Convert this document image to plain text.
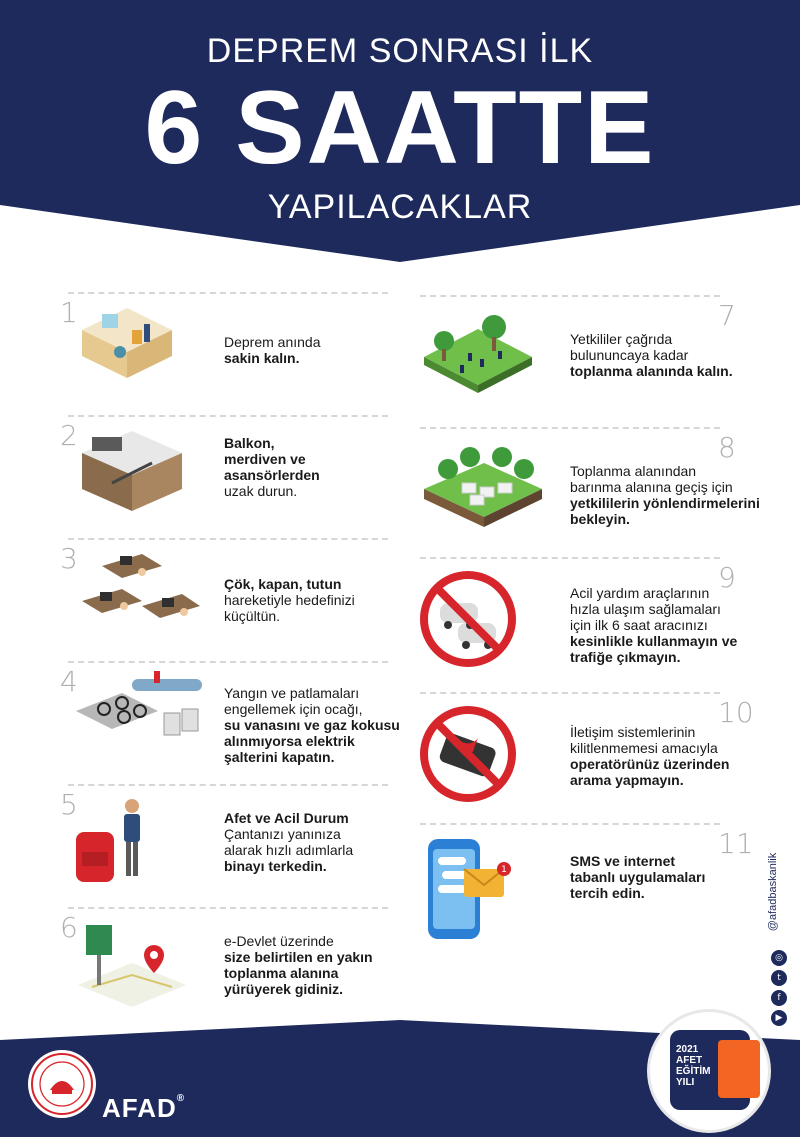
DEPREM SONRASI İLK
6 SAATTE
YAPILACAKLAR
1
Deprem anında
sakin kalın.
2	Balkon,
merdiven ve
asansörlerden
uzak durun.
3
Çök, kapan, tutun
hareketiyle hedefinizi
küçültün.
4	Yangın ve patlamaları
engellemek için ocağı,
su vanasını ve gaz kokusu
alınmıyorsa elektrik
şalterini kapatın.
5	Afet ve Acil Durum
Çantanızı yanınıza
alarak hızlı adımlarla
binayı terkedin.
6	e-Devlet üzerinde
size belirtilen en yakın
toplanma alanına
yürüyerek gidiniz.
7
Yetkililer çağrıda
bulununcaya kadar
toplanma alanında kalın.
8
Toplanma alanından
barınma alanına geçiş için
yetkililerin yönlendirmelerini
bekleyin.
9
Acil yardım araçlarının
hızla ulaşım sağlamaları
için ilk 6 saat aracınızı
kesinlikle kullanmayın ve
trafiğe çıkmayın.
10
İletişim sistemlerinin
kilitlenmemesi amacıyla
operatörünüz üzerinden
arama yapmayın.
11
1
SMS ve internet
tabanlı uygulamaları
tercih edin.	@afadbaskanlik
◎
t
f
▶
AFAD®
2021
AFET
EĞİTİM
YILI
